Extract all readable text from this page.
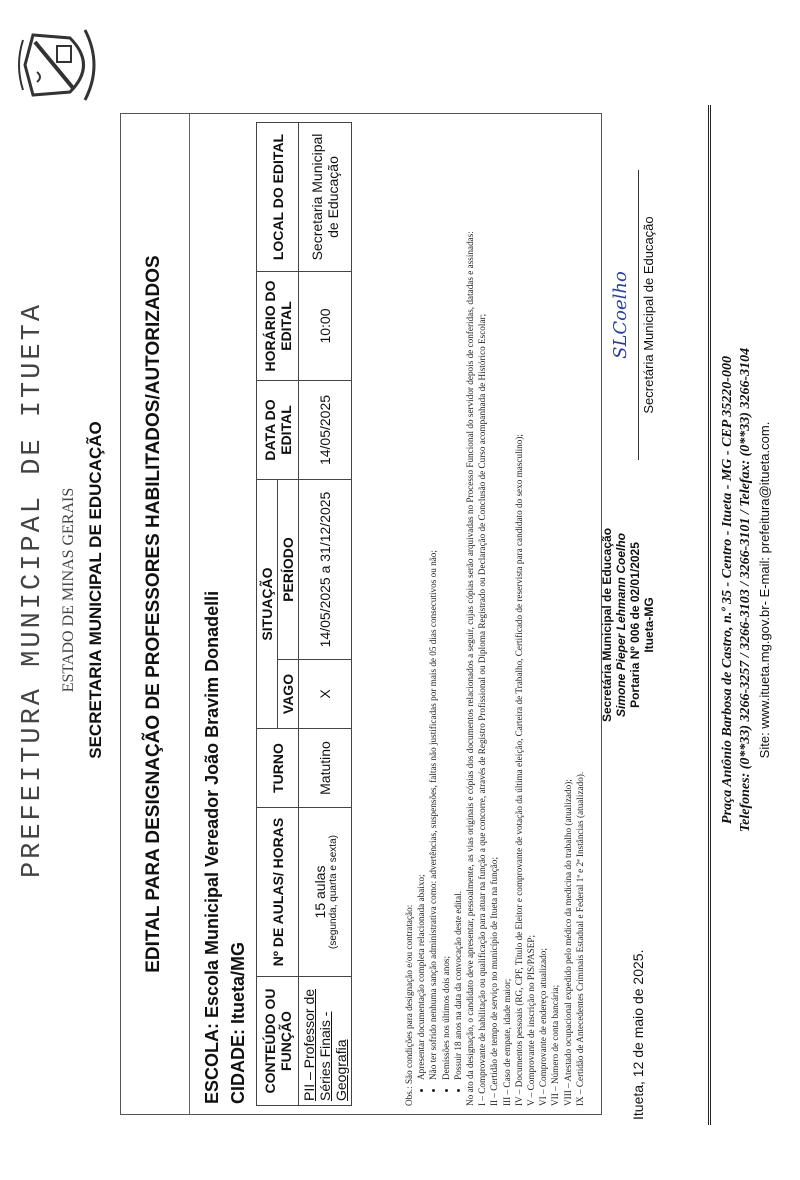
PREFEITURA MUNICIPAL DE ITUETA ESTADO DE MINAS GERAIS SECRETARIA MUNICIPAL DE EDUCAÇÃO EDITAL PARA DESIGNAÇÃO DE PROFESSORES HABILITADOS/AUTORIZADOS ESCOLA: Escola Municipal Vereador João Bravim Donadelli CIDADE: Itueta/MG CONTEÚDO OU FUNÇÃO	Nº DE AULAS/ HORAS	TURNO	SITUAÇÃO		DATA DO EDITAL	HORÁRIO DO EDITAL	LOCAL DO EDITAL
			VAGO	PERÍODO			
PII – Professor de Séries Finais - Geografia	15 aulas (segunda, quarta e sexta)	Matutino	X	14/05/2025 a 31/12/2025	14/05/2025	10:00	Secretaria Municipal de Educação

Obs.: São condições para designação e/ou contratação: • Apresentar documentação completa relacionada abaixo; • Não ter sofrido nenhuma sanção administrativa como: advertências, suspensões, faltas não justificadas por mais de 05 dias consecutivos ou não; • Demissões nos últimos dois anos; • Possuir 18 anos na data da convocação deste edital. No ato da designação, o candidato deve apresentar, pessoalmente, as vias originais e cópias dos documentos relacionados a seguir, cujas cópias serão arquivadas no Processo Funcional do servidor depois de conferidas, datadas e assinadas: I – Comprovante de habilitação ou qualificação para atuar na função a que concorre, através de Registro Profissional ou Diploma Registrado ou Declaração de Conclusão de Curso acompanhada de Histórico Escolar; II – Certidão de tempo de serviço no município de Itueta na função; III – Caso de empate, idade maior; IV – Documentos pessoais (RG, CPF, Título de Eleitor e comprovante de votação da última eleição, Carteira de Trabalho, Certificado de reservista para candidato do sexo masculino); V – Comprovante de inscrição no PIS/PASEP; VI – Comprovante de endereço atualizado; VII – Número de conta bancária; VIII – Atestado ocupacional expedido pelo médico da medicina do trabalho (atualizado); IX – Certidão de Antecedentes Criminais Estadual e Federal 1ª e 2ª Instâncias (atualizado).	Itueta, 12 de maio de 2025.
Secretária Municipal de Educação Simone Pieper Lehmann Coelho Portaria Nº 006 de 02/01/2025 Itueta-MG
SLCoelho Secretária Municipal de Educação
Praça Antônio Barbosa de Castro, n.º 35 - Centro - Itueta - MG - CEP 35220-000 Telefones: (0**33) 3266-3257 / 3266-3103 / 3266-3101 / Telefax: (0**33) 3266-3104 Site: www.itueta.mg.gov.br- E-mail: prefeitura@itueta.com.
